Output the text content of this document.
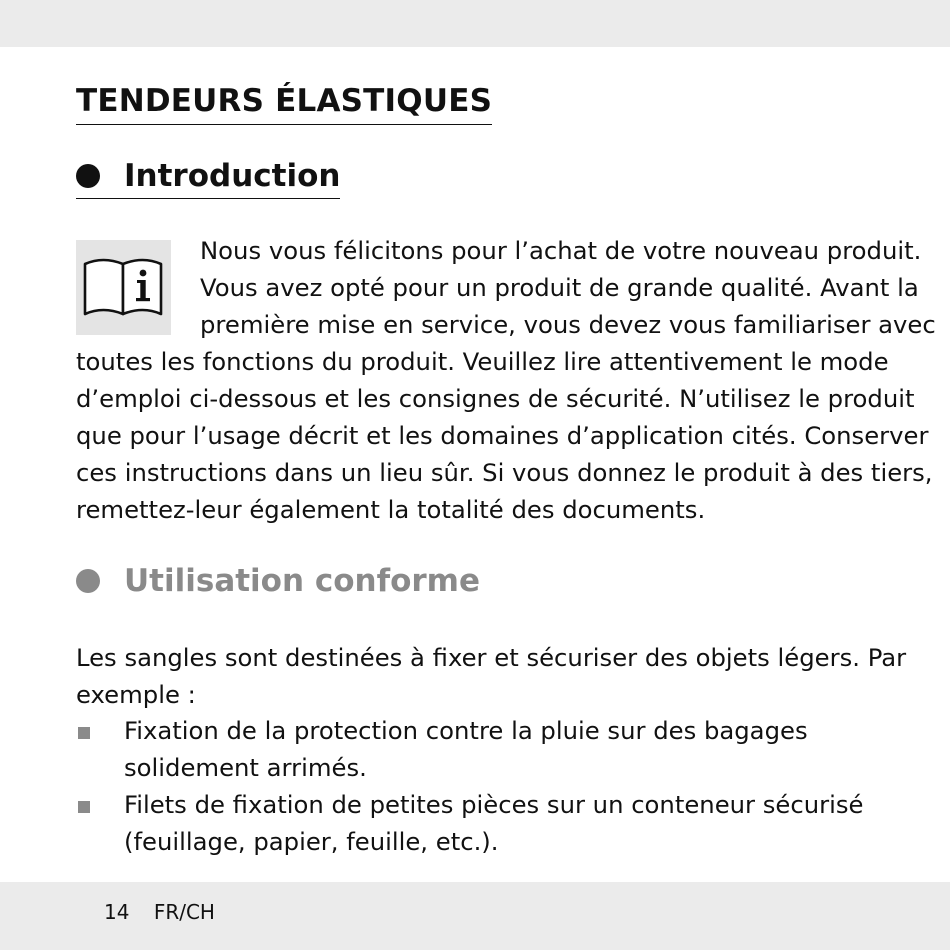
TENDEURS ÉLASTIQUES
Introduction

Nous vous félicitons pour l’achat de votre nouveau produit.
Vous avez opté pour un produit de grande qualité. Avant la
première mise en service, vous devez vous familiariser avec

toutes les fonctions du produit. Veuillez lire attentivement le mode
d’emploi ci-dessous et les consignes de sécurité. N’utilisez le produit
que pour l’usage décrit et les domaines d’application cités. Conserver
ces instructions dans un lieu sûr. Si vous donnez le produit à des tiers,
remettez-leur également la totalité des documents.

Utilisation conforme

Les sangles sont destinées à fixer et sécuriser des objets légers. Par
exemple :

Fixation de la protection contre la pluie sur des bagages
solidement arrimés.
Filets de fixation de petites pièces sur un conteneur sécurisé
(feuillage, papier, feuille, etc.).
14 FR/CH
